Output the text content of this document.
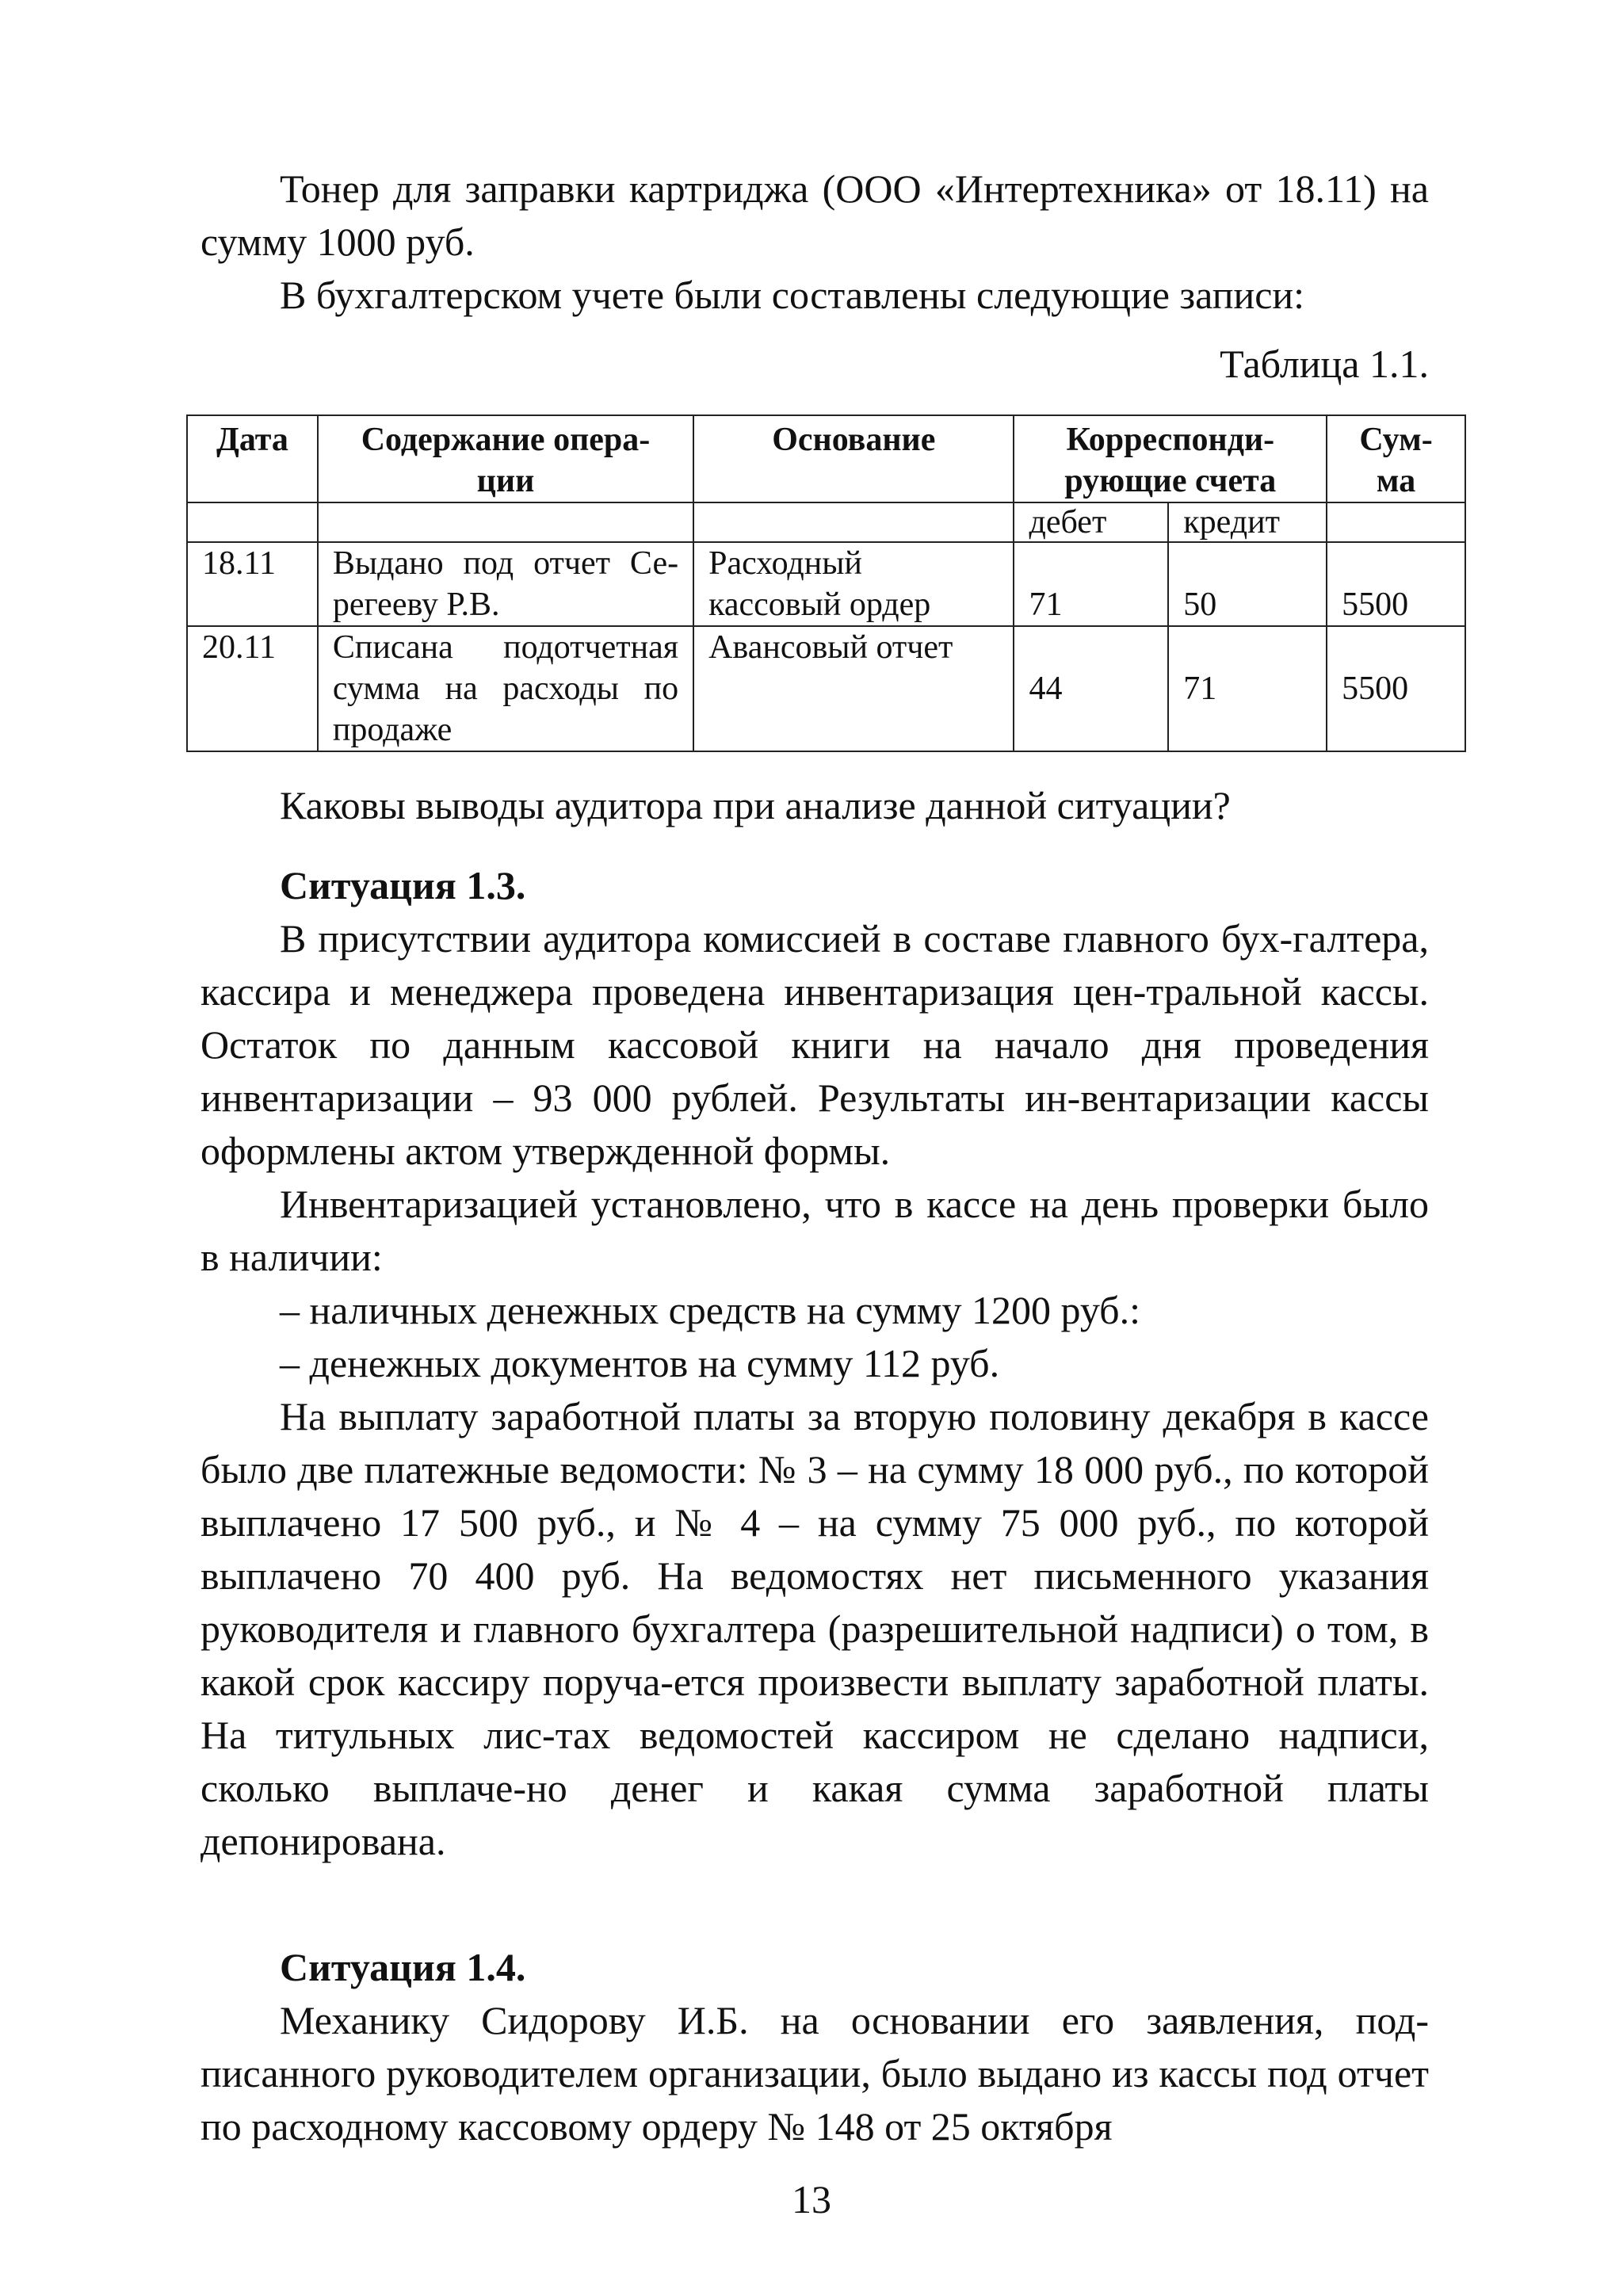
Тонер для заправки картриджа (ООО «Интертехника» от 18.11) на сумму 1000 руб.

В бухгалтерском учете были составлены следующие записи:

Таблица 1.1.

Дата	Содержание опера-ции	Основание	Корреспонди-рующие счета		Сум-ма
			дебет	кредит	
18.11	Выдано под отчет Се-регееву Р.В.	Расходный кассовый ордер	71	50	5500
20.11	Списана подотчетная сумма на расходы по продаже	Авансовый отчет	44	71	5500

Каковы выводы аудитора при анализе данной ситуации?

Ситуация 1.3.

В присутствии аудитора комиссией в составе главного бух-галтера, кассира и менеджера проведена инвентаризация цен-тральной кассы. Остаток по данным кассовой книги на начало дня проведения инвентаризации – 93 000 рублей. Результаты ин-вентаризации кассы оформлены актом утвержденной формы.

Инвентаризацией установлено, что в кассе на день проверки было в наличии:

– наличных денежных средств на сумму 1200 руб.:

– денежных документов на сумму 112 руб.

На выплату заработной платы за вторую половину декабря в кассе было две платежные ведомости: № 3 – на сумму 18 000 руб., по которой выплачено 17 500 руб., и № 4 – на сумму 75 000 руб., по которой выплачено 70 400 руб. На ведомостях нет письменного указания руководителя и главного бухгалтера (разрешительной надписи) о том, в какой срок кассиру поруча-ется произвести выплату заработной платы. На титульных лис-тах ведомостей кассиром не сделано надписи, сколько выплаче-но денег и какая сумма заработной платы депонирована.

Ситуация 1.4.

Механику Сидорову И.Б. на основании его заявления, под-писанного руководителем организации, было выдано из кассы под отчет по расходному кассовому ордеру № 148 от 25 октября

13
